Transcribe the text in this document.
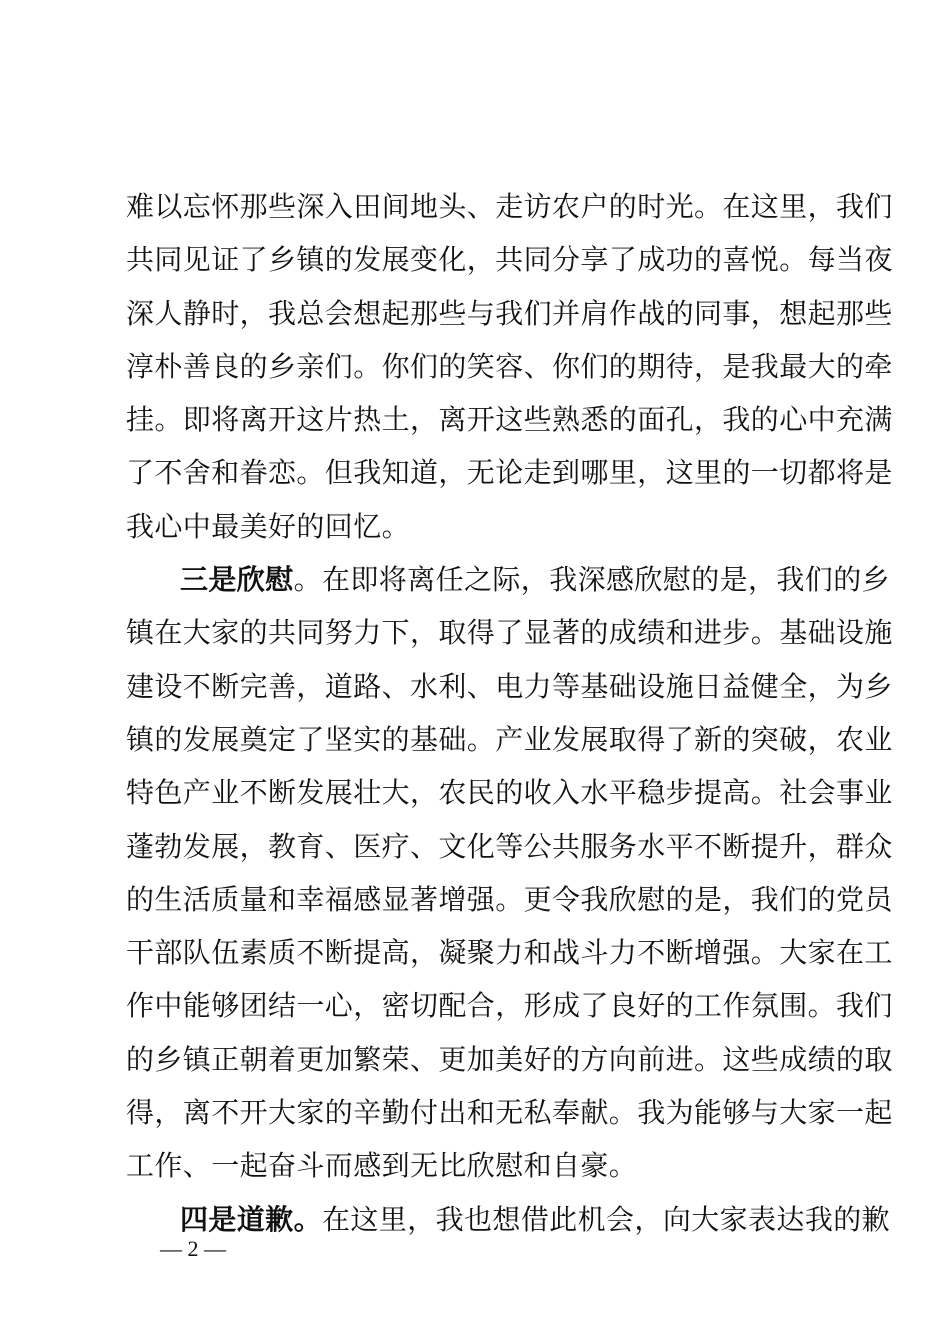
难以忘怀那些深入田间地头、走访农户的时光。在这里，我们
共同见证了乡镇的发展变化，共同分享了成功的喜悦。每当夜
深人静时，我总会想起那些与我们并肩作战的同事，想起那些
淳朴善良的乡亲们。你们的笑容、你们的期待，是我最大的牵
挂。即将离开这片热土，离开这些熟悉的面孔，我的心中充满
了不舍和眷恋。但我知道，无论走到哪里，这里的一切都将是
我心中最美好的回忆。
三是欣慰。在即将离任之际，我深感欣慰的是，我们的乡
镇在大家的共同努力下，取得了显著的成绩和进步。基础设施
建设不断完善，道路、水利、电力等基础设施日益健全，为乡
镇的发展奠定了坚实的基础。产业发展取得了新的突破，农业
特色产业不断发展壮大，农民的收入水平稳步提高。社会事业
蓬勃发展，教育、医疗、文化等公共服务水平不断提升，群众
的生活质量和幸福感显著增强。更令我欣慰的是，我们的党员
干部队伍素质不断提高，凝聚力和战斗力不断增强。大家在工
作中能够团结一心，密切配合，形成了良好的工作氛围。我们
的乡镇正朝着更加繁荣、更加美好的方向前进。这些成绩的取
得，离不开大家的辛勤付出和无私奉献。我为能够与大家一起
工作、一起奋斗而感到无比欣慰和自豪。
四是道歉。在这里，我也想借此机会，向大家表达我的歉
— 2 —
